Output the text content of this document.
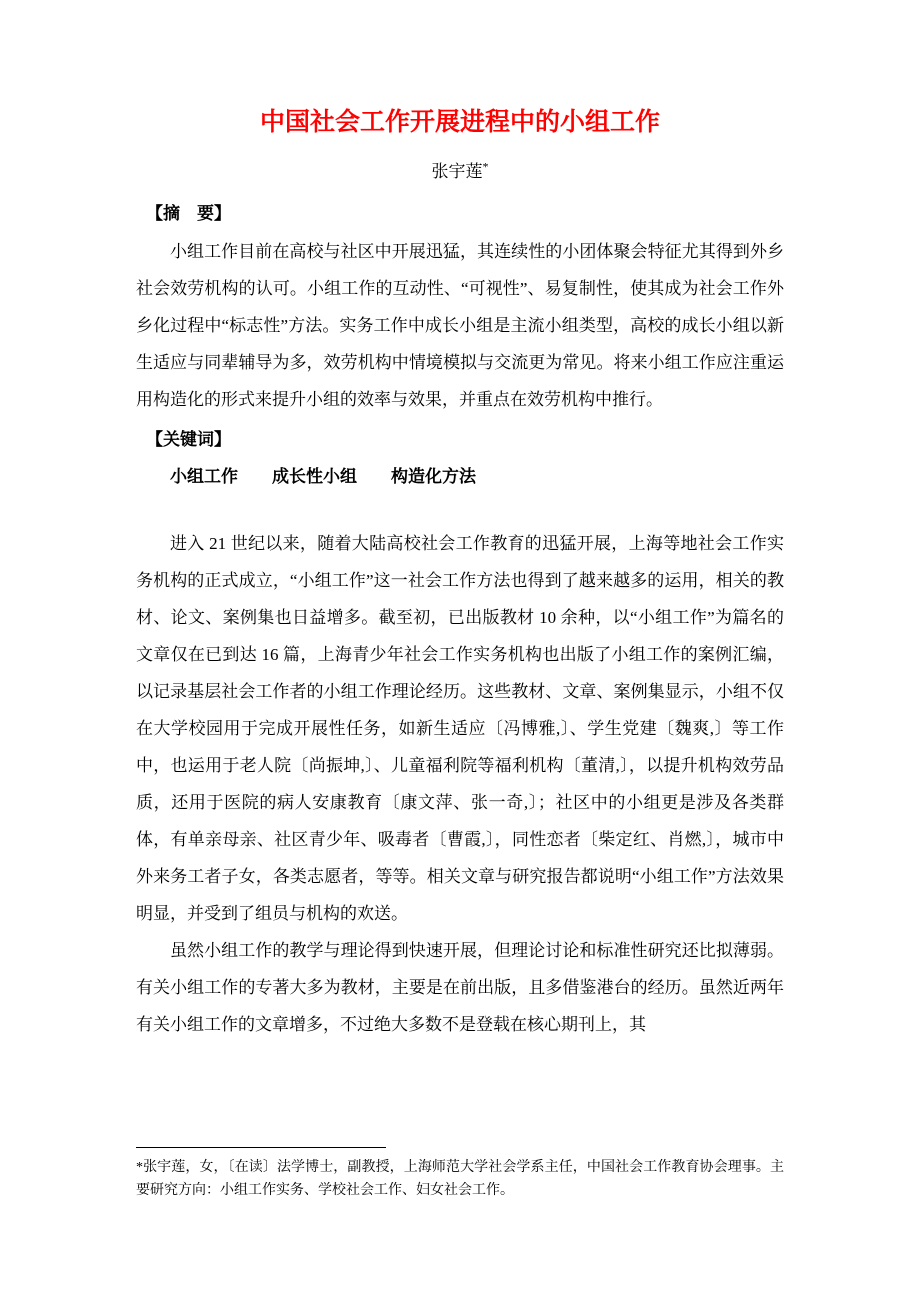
中国社会工作开展进程中的小组工作
张宇莲*
【摘　要】

小组工作目前在高校与社区中开展迅猛，其连续性的小团体聚会特征尤其得到外乡社会效劳机构的认可。小组工作的互动性、“可视性”、易复制性，使其成为社会工作外乡化过程中“标志性”方法。实务工作中成长小组是主流小组类型，高校的成长小组以新生适应与同辈辅导为多，效劳机构中情境模拟与交流更为常见。将来小组工作应注重运用构造化的形式来提升小组的效率与效果，并重点在效劳机构中推行。

【关键词】

小组工作　　成长性小组　　构造化方法

进入 21 世纪以来，随着大陆高校社会工作教育的迅猛开展，上海等地社会工作实务机构的正式成立，“小组工作”这一社会工作方法也得到了越来越多的运用，相关的教材、论文、案例集也日益增多。截至初，已出版教材 10 余种，以“小组工作”为篇名的文章仅在已到达 16 篇，上海青少年社会工作实务机构也出版了小组工作的案例汇编，以记录基层社会工作者的小组工作理论经历。这些教材、文章、案例集显示，小组不仅在大学校园用于完成开展性任务，如新生适应〔冯博雅,〕、学生党建〔魏爽,〕等工作中，也运用于老人院〔尚振坤,〕、儿童福利院等福利机构〔董清,〕，以提升机构效劳品质，还用于医院的病人安康教育〔康文萍、张一奇,〕；社区中的小组更是涉及各类群体，有单亲母亲、社区青少年、吸毒者〔曹霞,〕，同性恋者〔柴定红、肖燃,〕，城市中外来务工者子女，各类志愿者，等等。相关文章与研究报告都说明“小组工作”方法效果明显，并受到了组员与机构的欢送。

虽然小组工作的教学与理论得到快速开展，但理论讨论和标准性研究还比拟薄弱。有关小组工作的专著大多为教材，主要是在前出版，且多借鉴港台的经历。虽然近两年有关小组工作的文章增多，不过绝大多数不是登载在核心期刊上，其

*张宇莲，女，〔在读〕法学博士，副教授，上海师范大学社会学系主任，中国社会工作教育协会理事。主要研究方向：小组工作实务、学校社会工作、妇女社会工作。
